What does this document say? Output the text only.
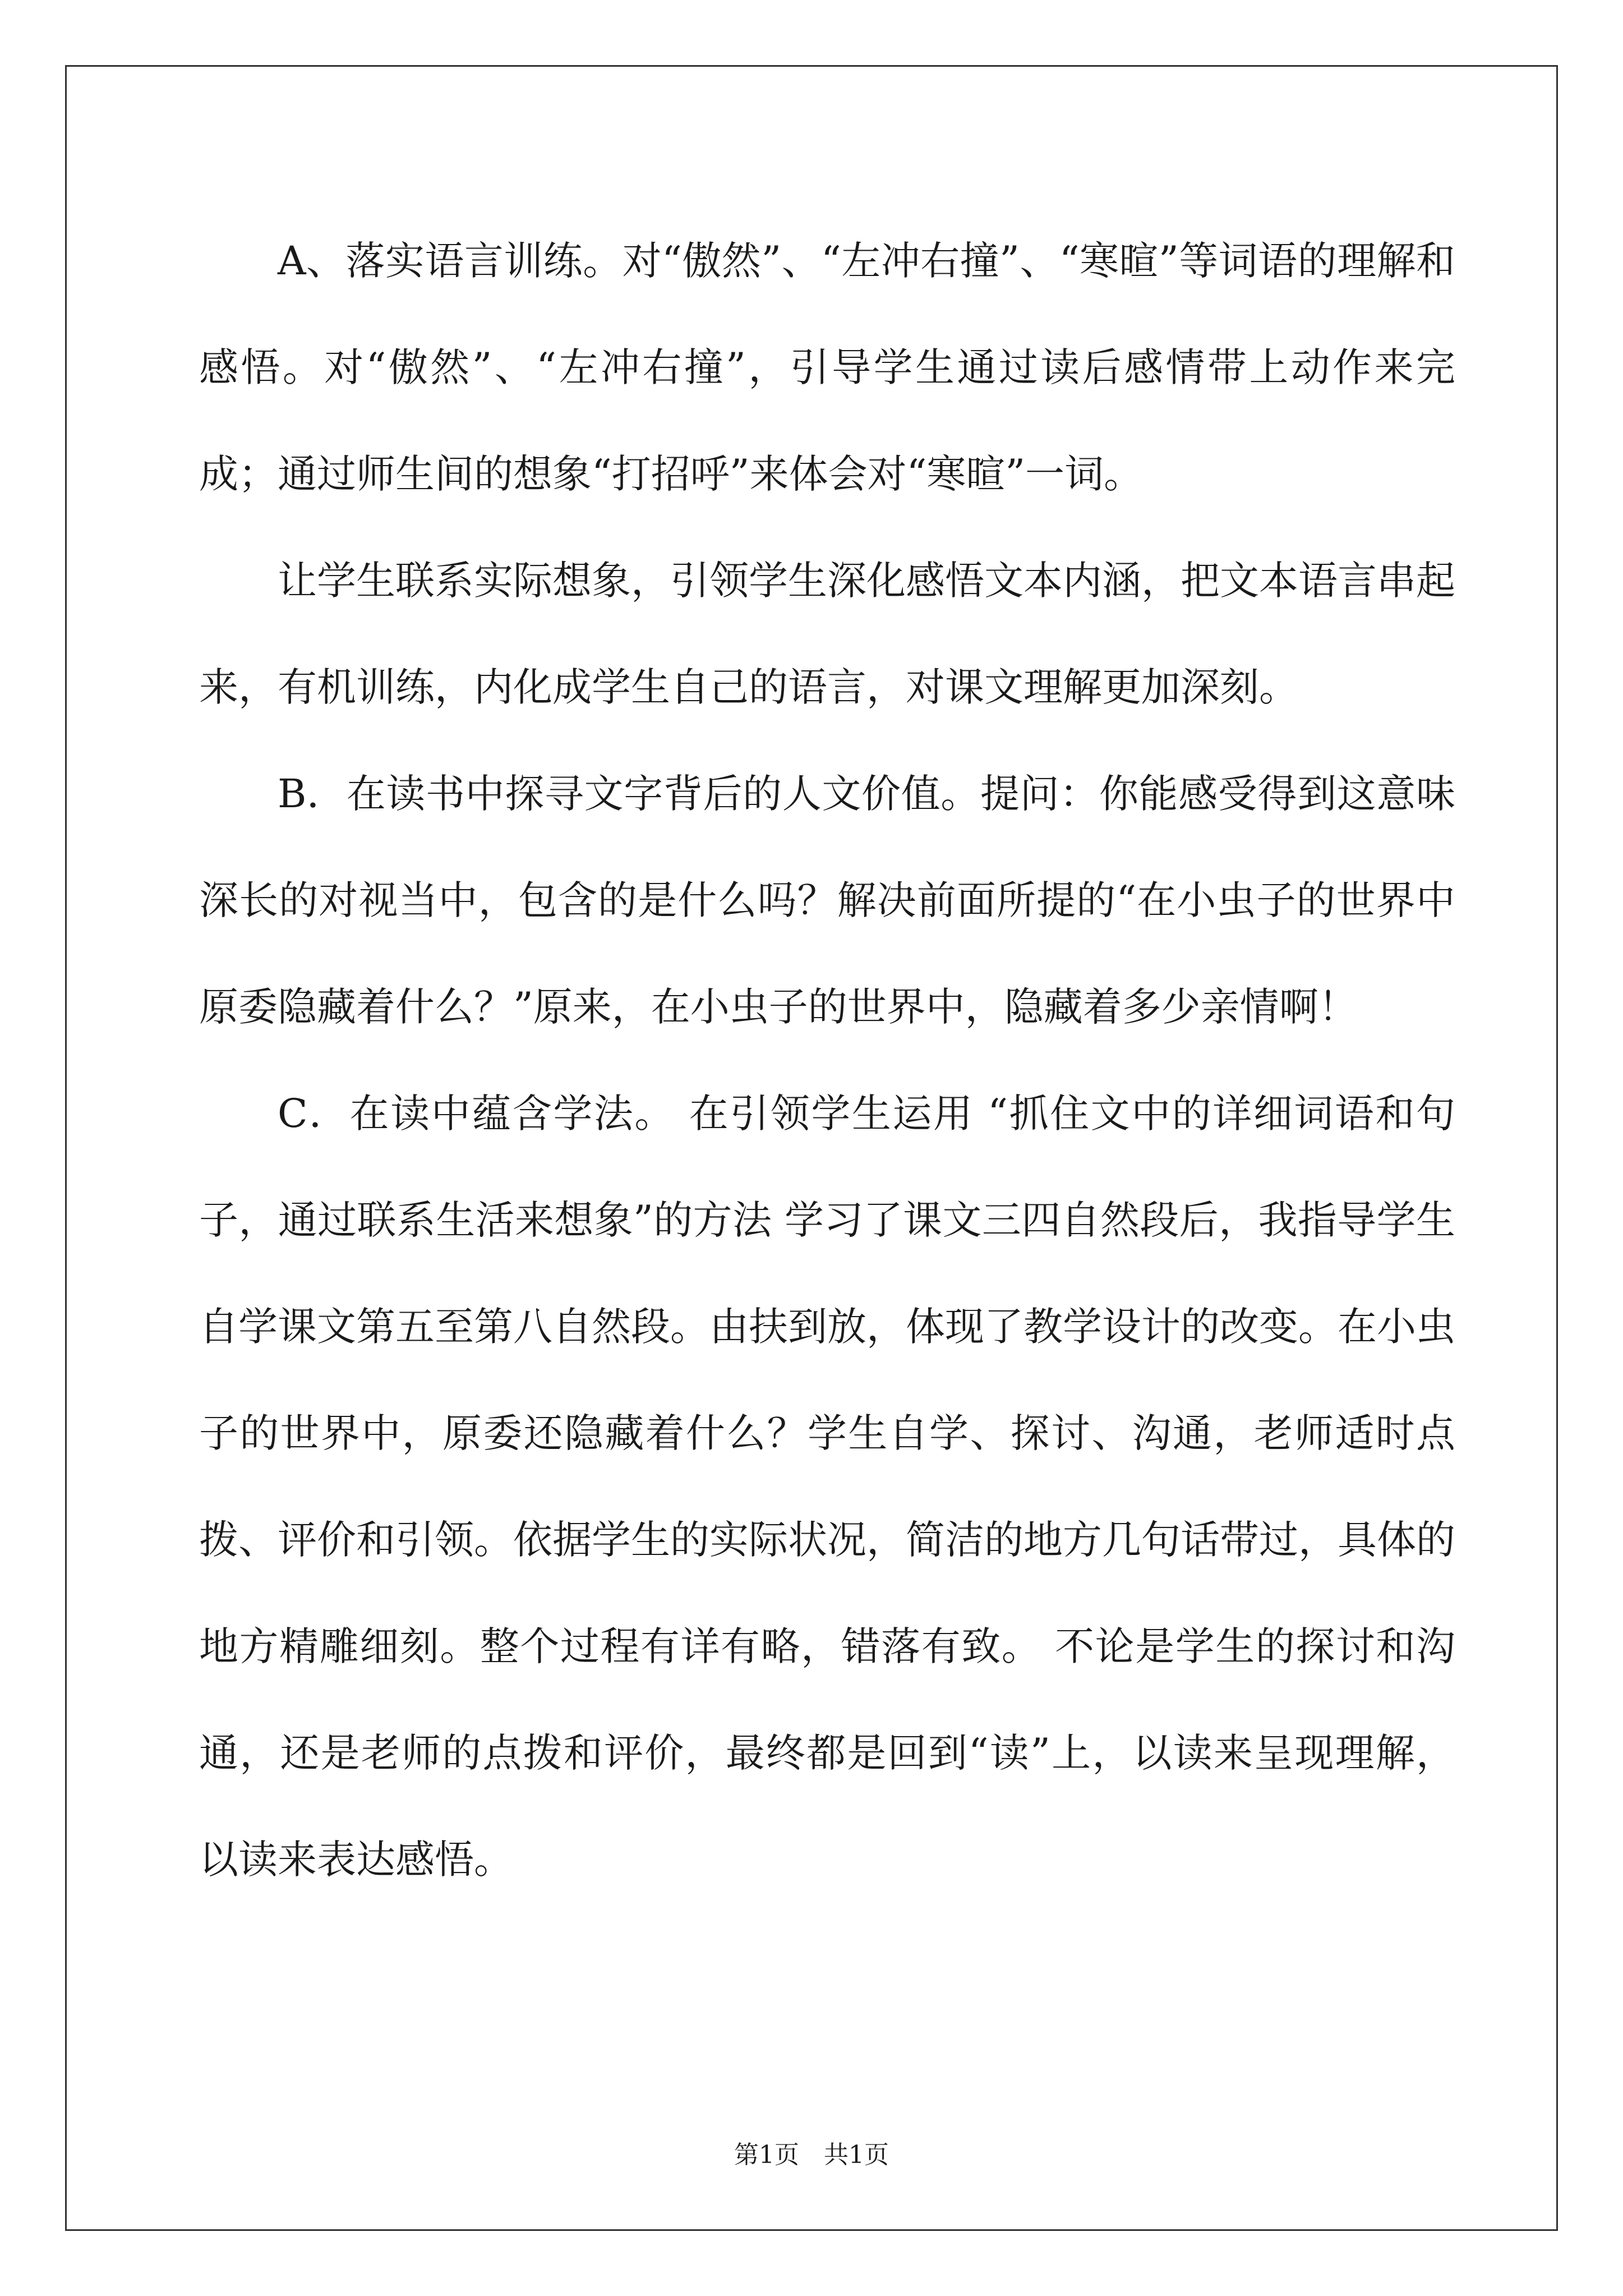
A、落实语言训练。对“傲然”、“左冲右撞”、“寒暄”等词语的理解和感悟。对“傲然”、“左冲右撞”，引导学生通过读后感情带上动作来完成；通过师生间的想象“打招呼”来体会对“寒暄”一词。

让学生联系实际想象，引领学生深化感悟文本内涵，把文本语言串起来，有机训练，内化成学生自己的语言，对课文理解更加深刻。

B．在读书中探寻文字背后的人文价值。提问：你能感受得到这意味深长的对视当中，包含的是什么吗？解决前面所提的“在小虫子的世界中原委隐藏着什么？”原来，在小虫子的世界中，隐藏着多少亲情啊！

C．在读中蕴含学法。 在引领学生运用 “抓住文中的详细词语和句子，通过联系生活来想象”的方法 学习了课文三四自然段后，我指导学生自学课文第五至第八自然段。由扶到放，体现了教学设计的改变。在小虫子的世界中，原委还隐藏着什么？学生自学、探讨、沟通，老师适时点拨、评价和引领。依据学生的实际状况，简洁的地方几句话带过，具体的地方精雕细刻。整个过程有详有略，错落有致。 不论是学生的探讨和沟通，还是老师的点拨和评价，最终都是回到“读”上，以读来呈现理解，以读来表达感悟。

第1页　共1页
